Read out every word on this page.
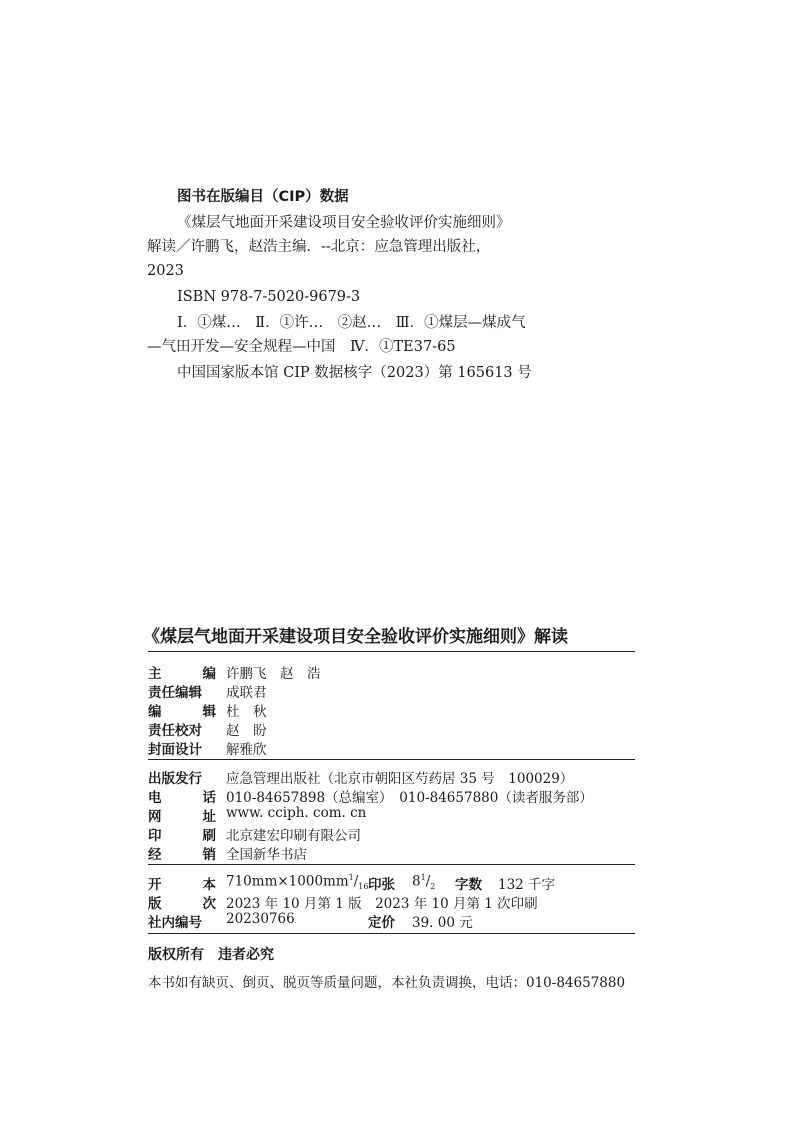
图书在版编目（CIP）数据
《煤层气地面开采建设项目安全验收评价实施细则》
解读／许鹏飞，赵浩主编．--北京：应急管理出版社，
2023
ISBN 978-7-5020-9679-3
Ⅰ．①煤…　Ⅱ．①许…　②赵…　Ⅲ．①煤层—煤成气
—气田开发—安全规程—中国　Ⅳ．①TE37-65
中国国家版本馆 CIP 数据核字（2023）第 165613 号
《煤层气地面开采建设项目安全验收评价实施细则》解读
主	编 许鹏飞　赵　浩
责任编辑	成联君
编	辑 杜　秋
责任校对	赵　盼
封面设计	解雅欣
出版发行	应急管理出版社（北京市朝阳区芍药居 35 号　100029）
电	话 010-84657898（总编室）　010-84657880（读者服务部）
网	址 www. cciph. com. cn
印	刷 北京建宏印刷有限公司
经	销 全国新华书店
开	本 $710mm\times 1000mm^1/_{16}$ 印张 $8^1/_2$ 字数 132 千字
版	次 2023 年 10 月第 1 版　2023 年 10 月第 1 次印刷
社内编号	20230766	定价 39. 00 元
版权所有　违者必究
本书如有缺页、倒页、脱页等质量问题，本社负责调换，电话：010-84657880
